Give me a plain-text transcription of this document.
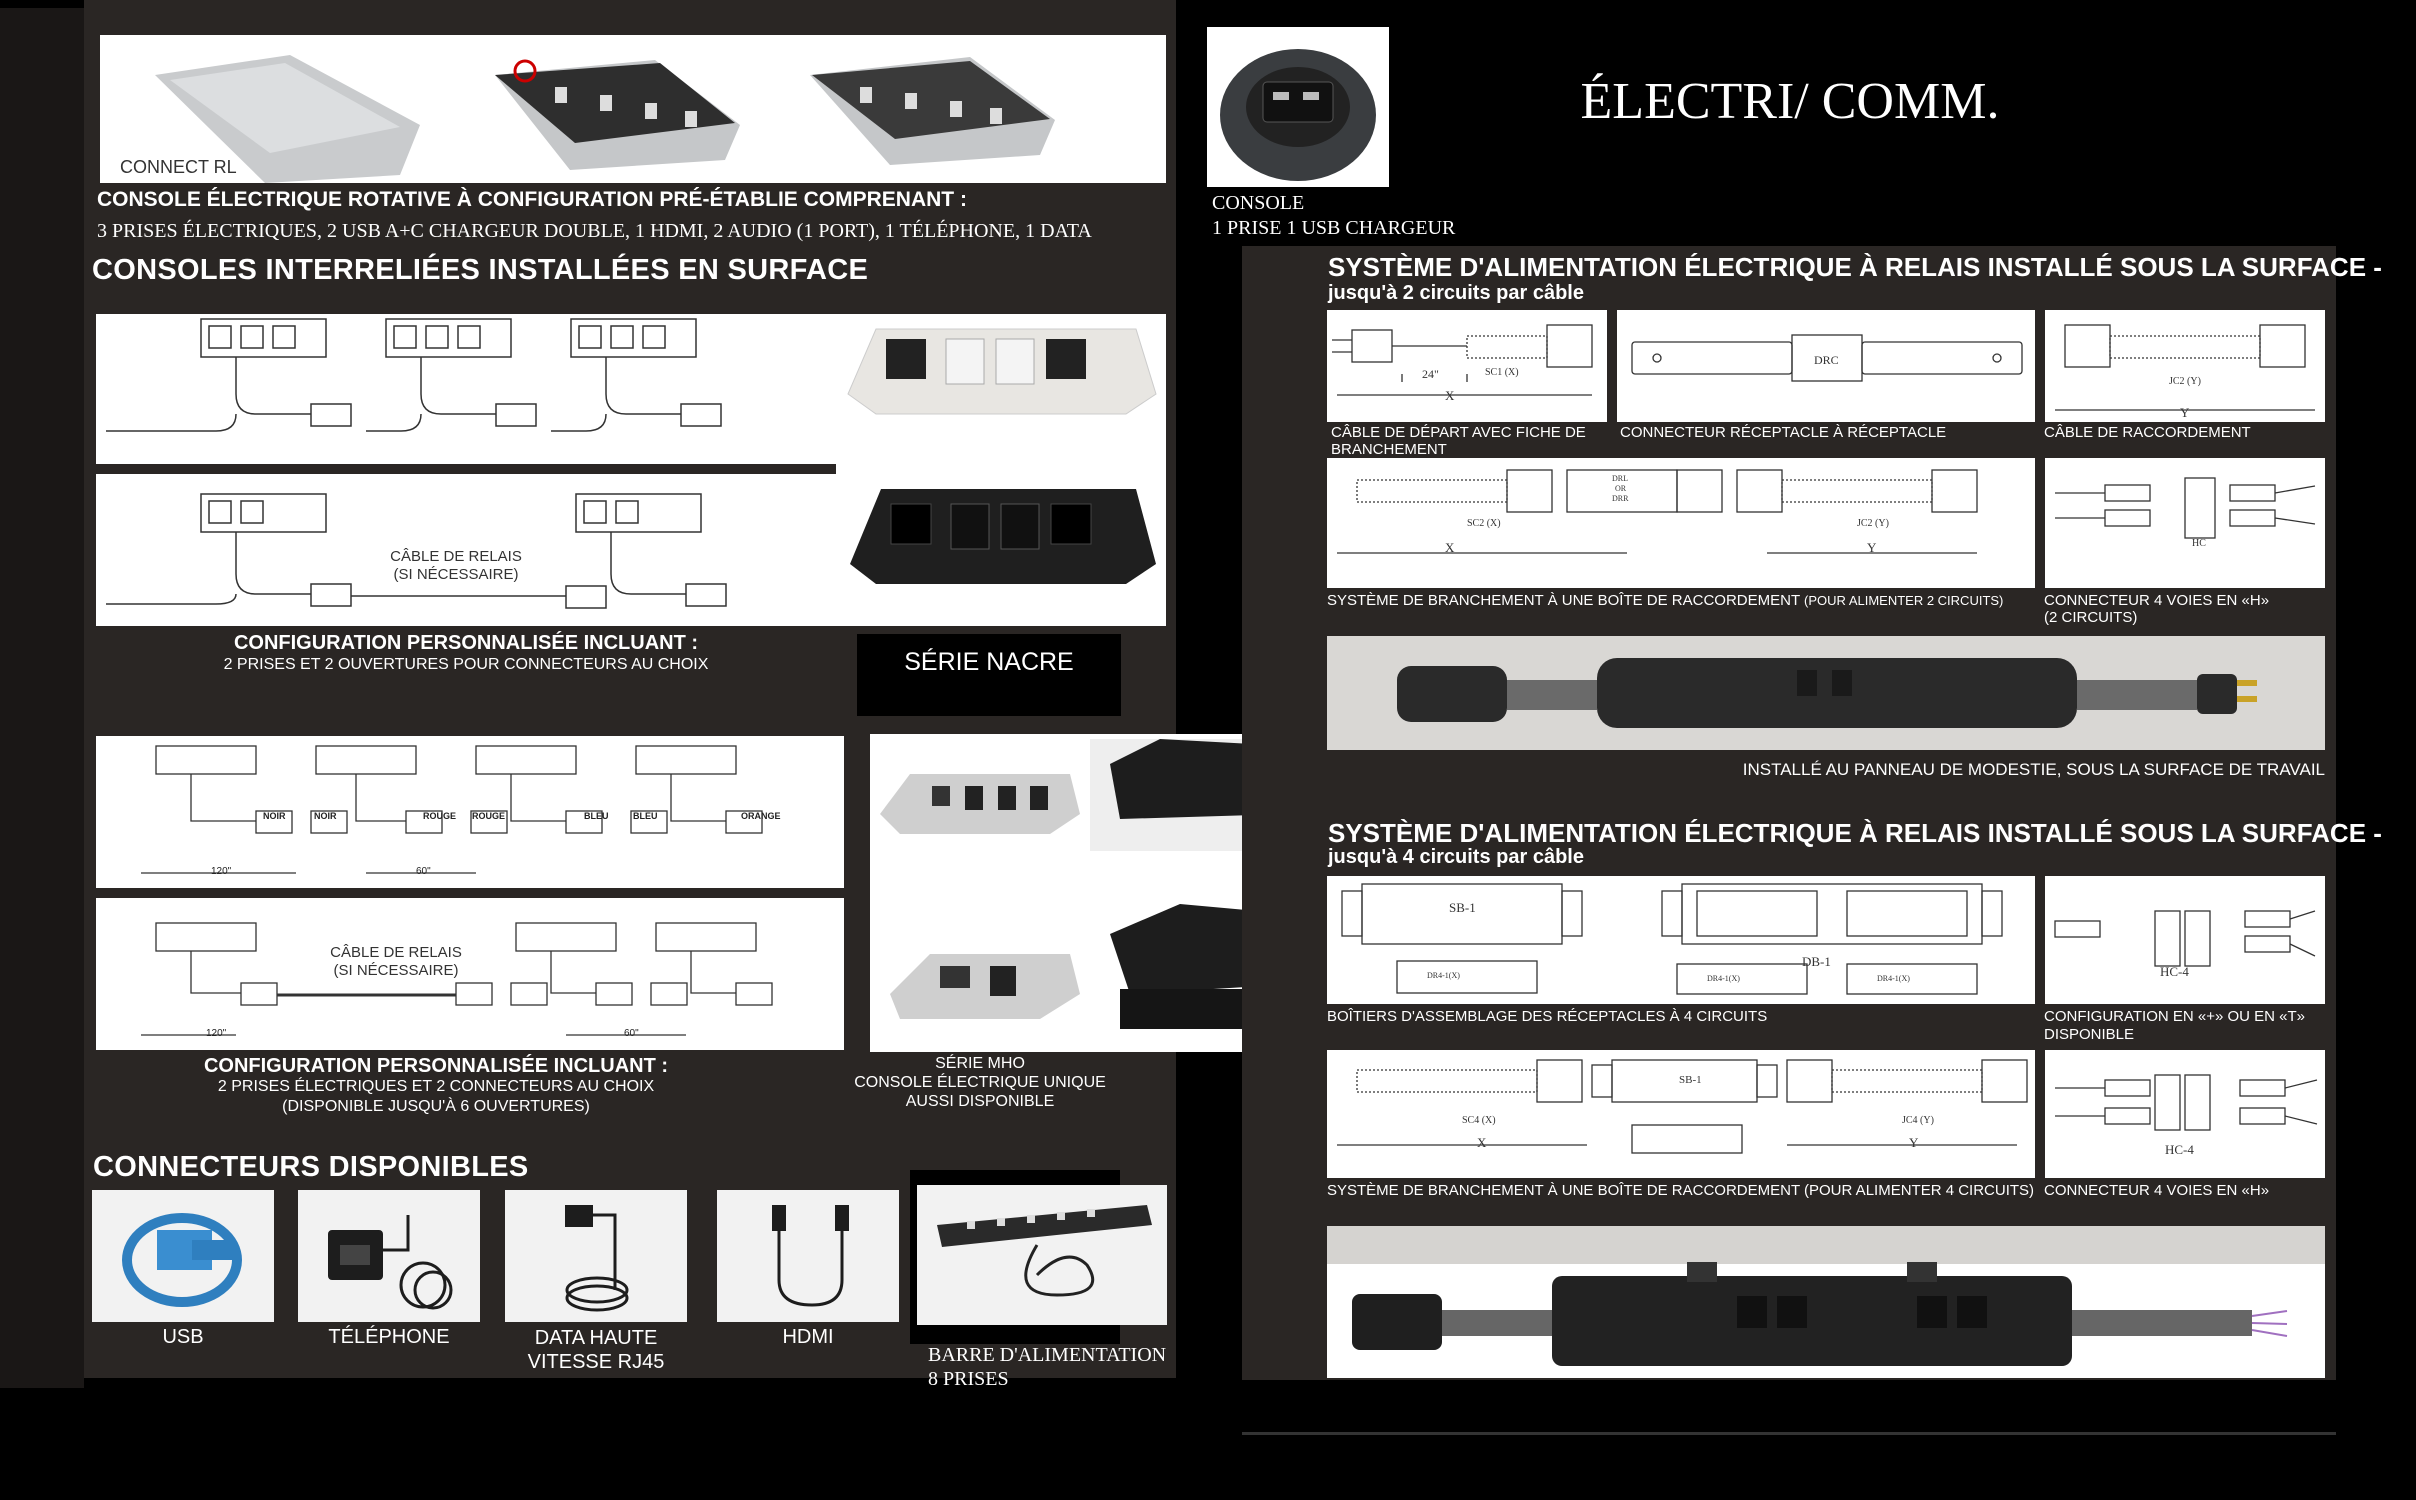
CONNECT RL
CONSOLE ÉLECTRIQUE ROTATIVE À CONFIGURATION PRÉ-ÉTABLIE COMPRENANT :
3 PRISES ÉLECTRIQUES, 2 USB A+C CHARGEUR DOUBLE, 1 HDMI, 2 AUDIO (1 PORT), 1 TÉLÉPHONE, 1 DATA
CONSOLE
1 PRISE 1 USB CHARGEUR
ÉLECTRI/ COMM.
CONSOLES INTERRELIÉES INSTALLÉES EN SURFACE
CÂBLE DE RELAIS
(SI NÉCESSAIRE)
CONFIGURATION PERSONNALISÉE INCLUANT :
2 PRISES ET 2 OUVERTURES POUR CONNECTEURS AU CHOIX	SÉRIE NACRE
NOIR	NOIR	ROUGE ROUGE	BLEU	BLEU	ORANGE
120"	60"
CÂBLE DE RELAIS
(SI NÉCESSAIRE)
120"	60"
CONFIGURATION PERSONNALISÉE INCLUANT :
2 PRISES ÉLECTRIQUES ET 2 CONNECTEURS AU CHOIX
(DISPONIBLE JUSQU'À 6 OUVERTURES)
SÉRIE MHO
CONSOLE ÉLECTRIQUE UNIQUE
AUSSI DISPONIBLE
CONNECTEURS DISPONIBLES
USB	TÉLÉPHONE	DATA HAUTE
VITESSE RJ45
HDMI
BARRE D'ALIMENTATION
8 PRISES
SYSTÈME D'ALIMENTATION ÉLECTRIQUE À RELAIS INSTALLÉ SOUS LA SURFACE -
jusqu'à 2 circuits par câble
24"	SC1 (X)
X
CÂBLE DE DÉPART AVEC FICHE DE
BRANCHEMENT
DRC
CONNECTEUR RÉCEPTACLE À RÉCEPTACLE
JC2 (Y)
Y
CÂBLE DE RACCORDEMENT
SC2 (X)
X
DRL
OR
DRR
JC2 (Y)
Y
SYSTÈME DE BRANCHEMENT À UNE BOÎTE DE RACCORDEMENT (POUR ALIMENTER 2 CIRCUITS)
HC
CONNECTEUR 4 VOIES EN «H»
(2 CIRCUITS)
INSTALLÉ AU PANNEAU DE MODESTIE, SOUS LA SURFACE DE TRAVAIL
SYSTÈME D'ALIMENTATION ÉLECTRIQUE À RELAIS INSTALLÉ SOUS LA SURFACE -
jusqu'à 4 circuits par câble
SB-1
DR4-1(X)
DB-1
DR4-1(X)	DR4-1(X)
BOÎTIERS D'ASSEMBLAGE DES RÉCEPTACLES À 4 CIRCUITS
HC-4
CONFIGURATION EN «+» OU EN «T»
DISPONIBLE
SC4 (X)
X
SB-1
JC4 (Y)
Y
SYSTÈME DE BRANCHEMENT À UNE BOÎTE DE RACCORDEMENT (POUR ALIMENTER 4 CIRCUITS)
HC-4
CONNECTEUR 4 VOIES EN «H»
